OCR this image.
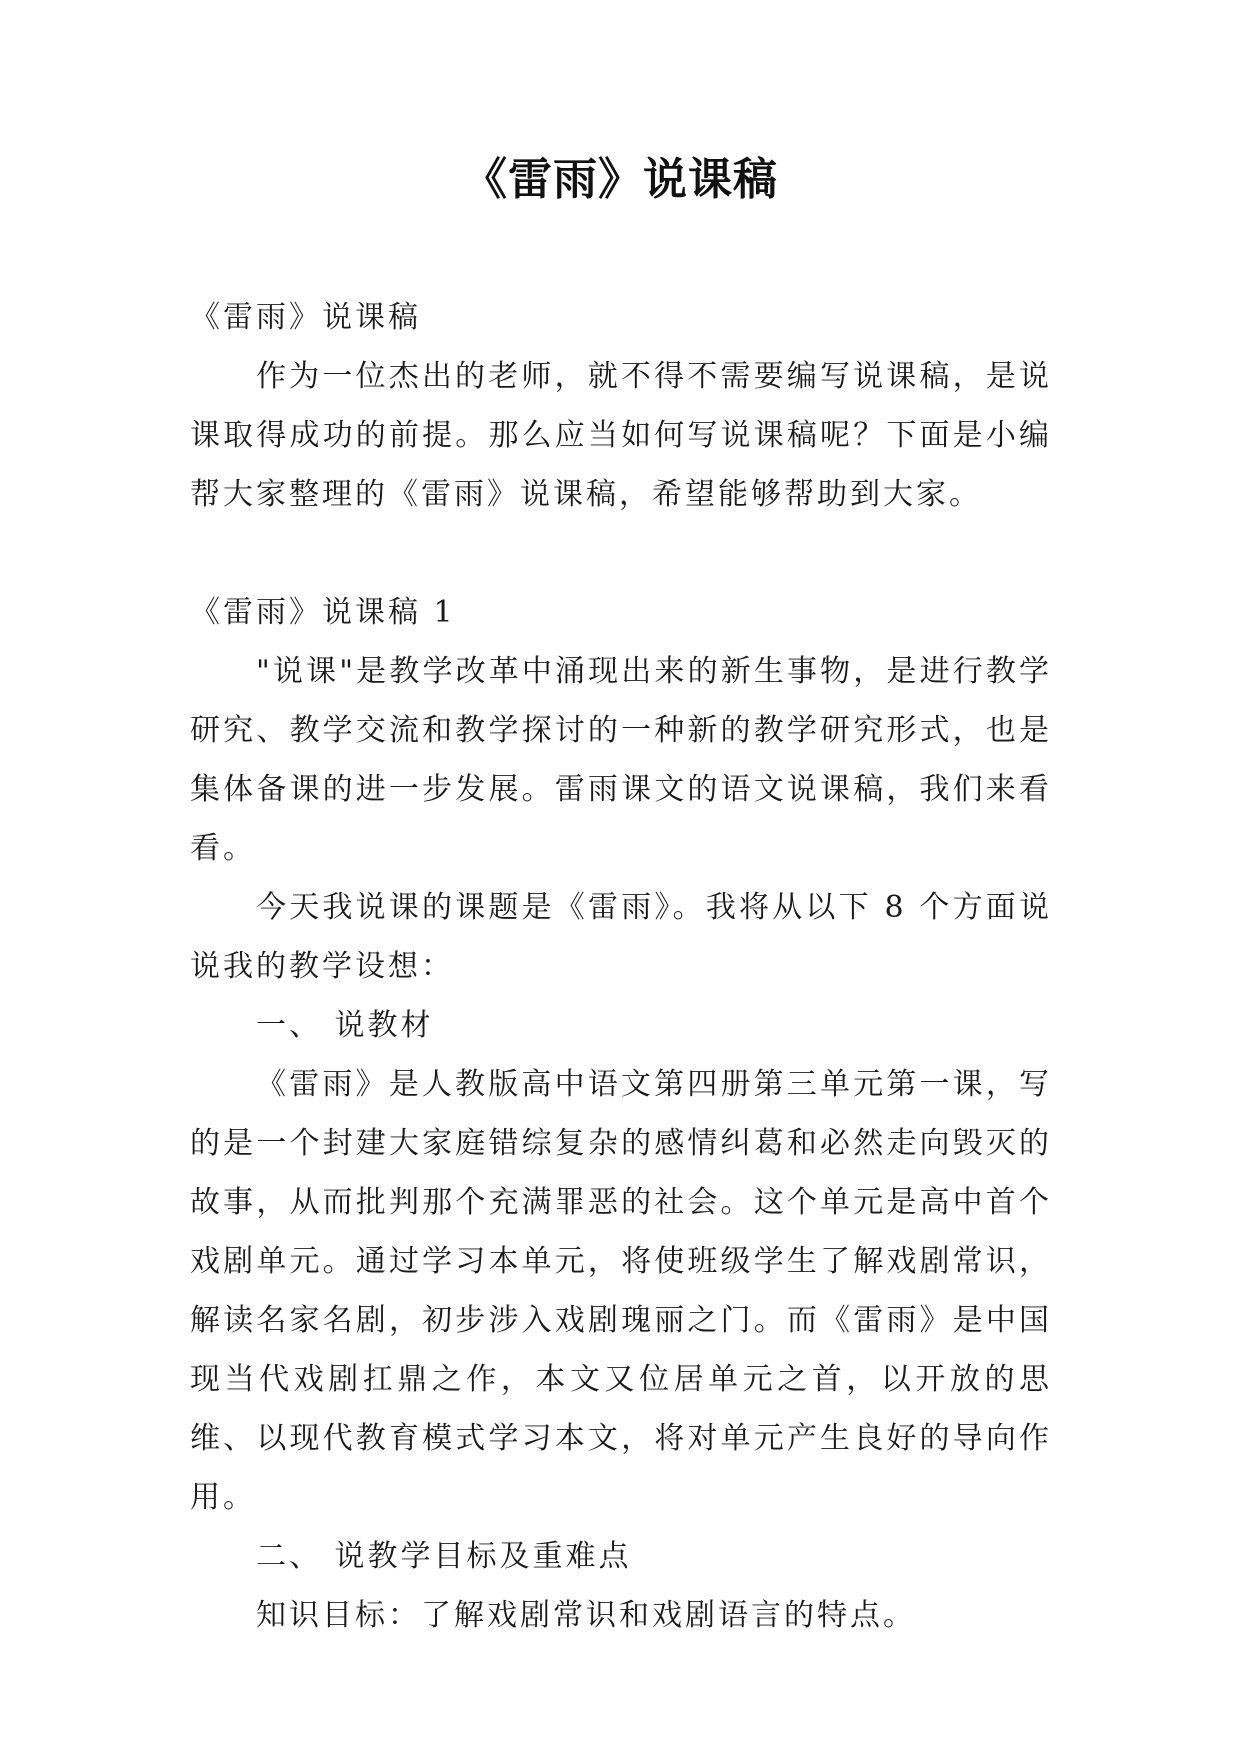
《雷雨》说课稿

《雷雨》说课稿

作为一位杰出的老师，就不得不需要编写说课稿，是说课取得成功的前提。那么应当如何写说课稿呢？下面是小编帮大家整理的《雷雨》说课稿，希望能够帮助到大家。

《雷雨》说课稿 1

"说课"是教学改革中涌现出来的新生事物，是进行教学研究、教学交流和教学探讨的一种新的教学研究形式，也是集体备课的进一步发展。雷雨课文的语文说课稿，我们来看看。

今天我说课的课题是《雷雨》。我将从以下 8 个方面说说我的教学设想：

一、 说教材

《雷雨》是人教版高中语文第四册第三单元第一课，写的是一个封建大家庭错综复杂的感情纠葛和必然走向毁灭的故事，从而批判那个充满罪恶的社会。这个单元是高中首个戏剧单元。通过学习本单元，将使班级学生了解戏剧常识，解读名家名剧，初步涉入戏剧瑰丽之门。而《雷雨》是中国现当代戏剧扛鼎之作，本文又位居单元之首，以开放的思维、以现代教育模式学习本文，将对单元产生良好的导向作用。

二、 说教学目标及重难点

知识目标：了解戏剧常识和戏剧语言的特点。
